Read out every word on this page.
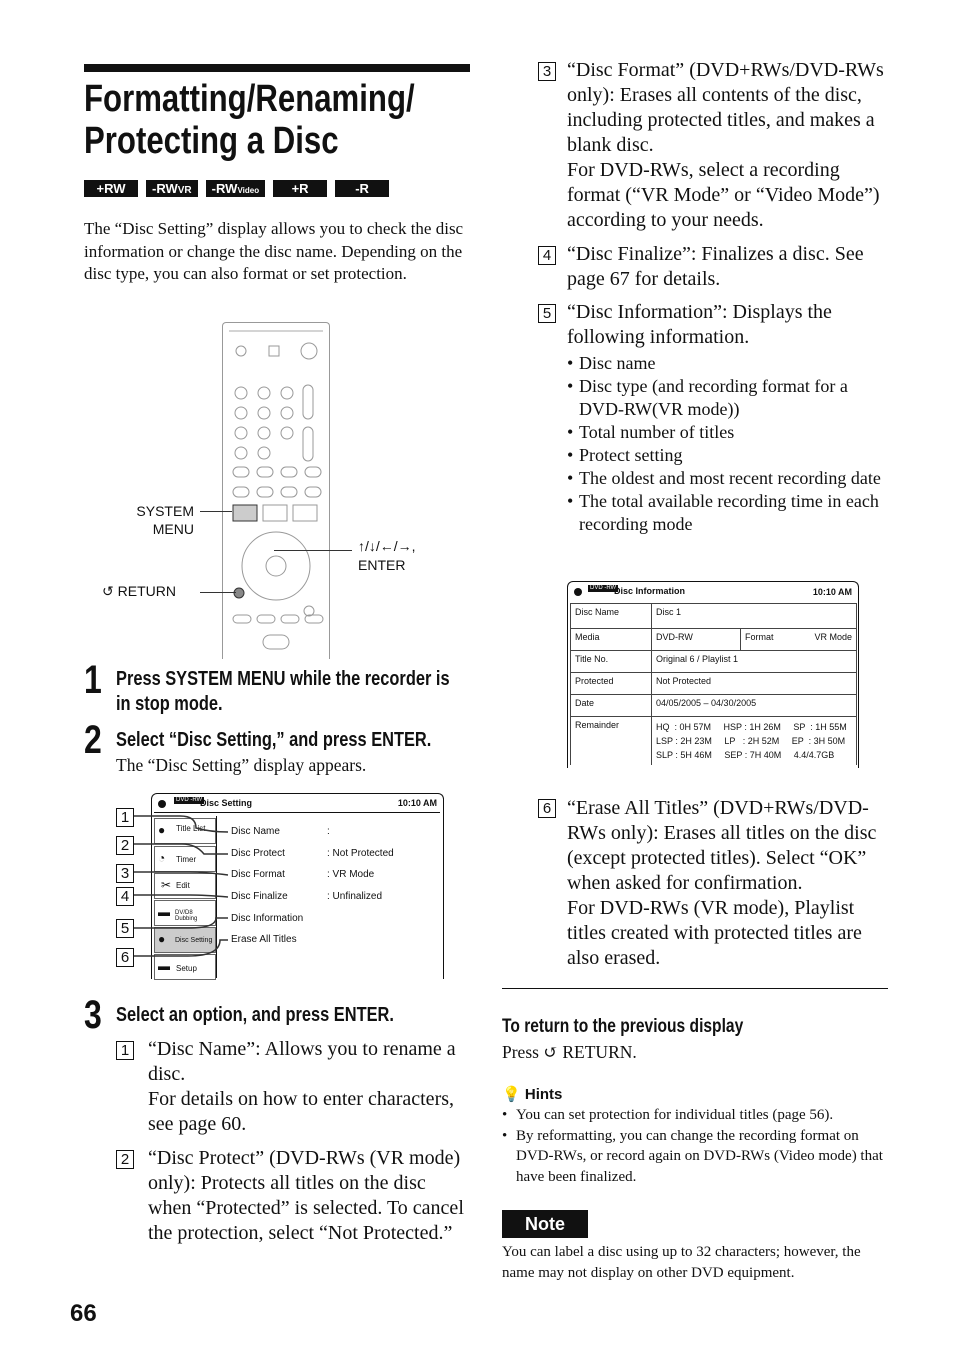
Formatting/Renaming/
Protecting a Disc
+RW	-RWVR	-RWVideo	+R	-R
The “Disc Setting” display allows you to check the disc information or change the disc name. Depending on the disc type, you can also format or set protection.
SYSTEM
MENU
↺ RETURN
↑/↓/←/→,
ENTER
1 Press SYSTEM MENU while the recorder is in stop mode.
2 Select “Disc Setting,” and press ENTER.
The “Disc Setting” display appears.
1
2
3
4
5
6
DVD -RW
Disc Setting	10:10 AM
● Title List
◔ Timer
✂ Edit
▬ DV/D8 Dubbing
● Disc Setting
▬ Setup
Disc Name	:
Disc Protect	: Not Protected
Disc Format	: VR Mode
Disc Finalize	: Unfinalized
Disc Information
Erase All Titles
3 Select an option, and press ENTER.
1 “Disc Name”: Allows you to rename a disc.
For details on how to enter characters, see page 60.
2 “Disc Protect” (DVD-RWs (VR mode) only): Protects all titles on the disc when “Protected” is selected. To cancel the protection, select “Not Protected.”
66
3 “Disc Format” (DVD+RWs/DVD-RWs only): Erases all contents of the disc, including protected titles, and makes a blank disc.
For DVD-RWs, select a recording format (“VR Mode” or “Video Mode”) according to your needs.
4 “Disc Finalize”: Finalizes a disc. See page 67 for details.
5 “Disc Information”: Displays the following information.
• Disc name
• Disc type (and recording format for a DVD-RW(VR mode))
• Total number of titles
• Protect setting
• The oldest and most recent recording date
• The total available recording time in each recording mode
DVD -RW
Disc Information	10:10 AM
Disc Name	Disc 1		
Media	DVD-RW	Format	VR Mode
Title No.	Original 6 / Playlist 1		
Protected	Not Protected		
Date	04/05/2005 – 04/30/2005		
Remainder	HQ  : 0H 57M     HSP : 1H 26M     SP  : 1H 55M
LSP : 2H 23M     LP   : 2H 52M     EP  : 3H 50M
SLP : 5H 46M     SEP : 7H 40M     4.4/4.7GB		
6 “Erase All Titles” (DVD+RWs/DVD-RWs only): Erases all titles on the disc (except protected titles). Select “OK” when asked for confirmation.
For DVD-RWs (VR mode), Playlist titles created with protected titles are also erased.
To return to the previous display
Press ↺ RETURN.
💡 Hints
• You can set protection for individual titles (page 56).
• By reformatting, you can change the recording format on DVD-RWs, or record again on DVD-RWs (Video mode) that have been finalized.
Note
You can label a disc using up to 32 characters; however, the name may not display on other DVD equipment.
